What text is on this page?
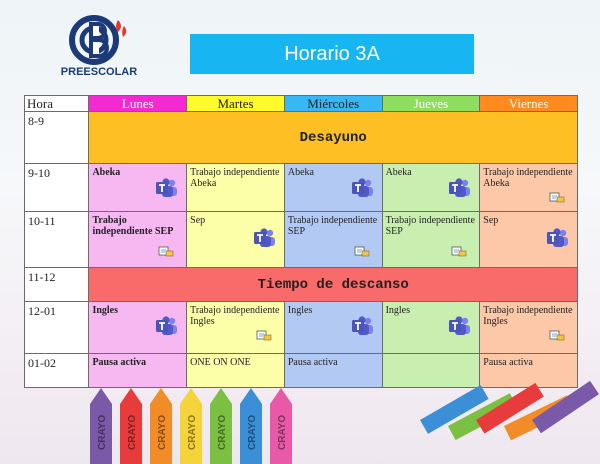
PREESCOLAR
Horario 3A
Hora	Lunes	Martes	Miércoles	Jueves	Viernes
8-9	Desayuno				
9-10	Abeka	Trabajo independiente Abeka	Abeka	Abeka	Trabajo independiente Abeka

10-11	Trabajo independiente SEP	Sep	Trabajo independiente SEP	Trabajo independiente SEP	Sep

11-12	Tiempo de descanso				
12-01	Ingles	Trabajo independiente Ingles	Ingles	Ingles	Trabajo independiente Ingles

01-02	Pausa activa	ONE ON ONE	Pausa activa		Pausa activa
CRAYO CRAYO CRAYO CRAYO CRAYO CRAYO CRAYO
